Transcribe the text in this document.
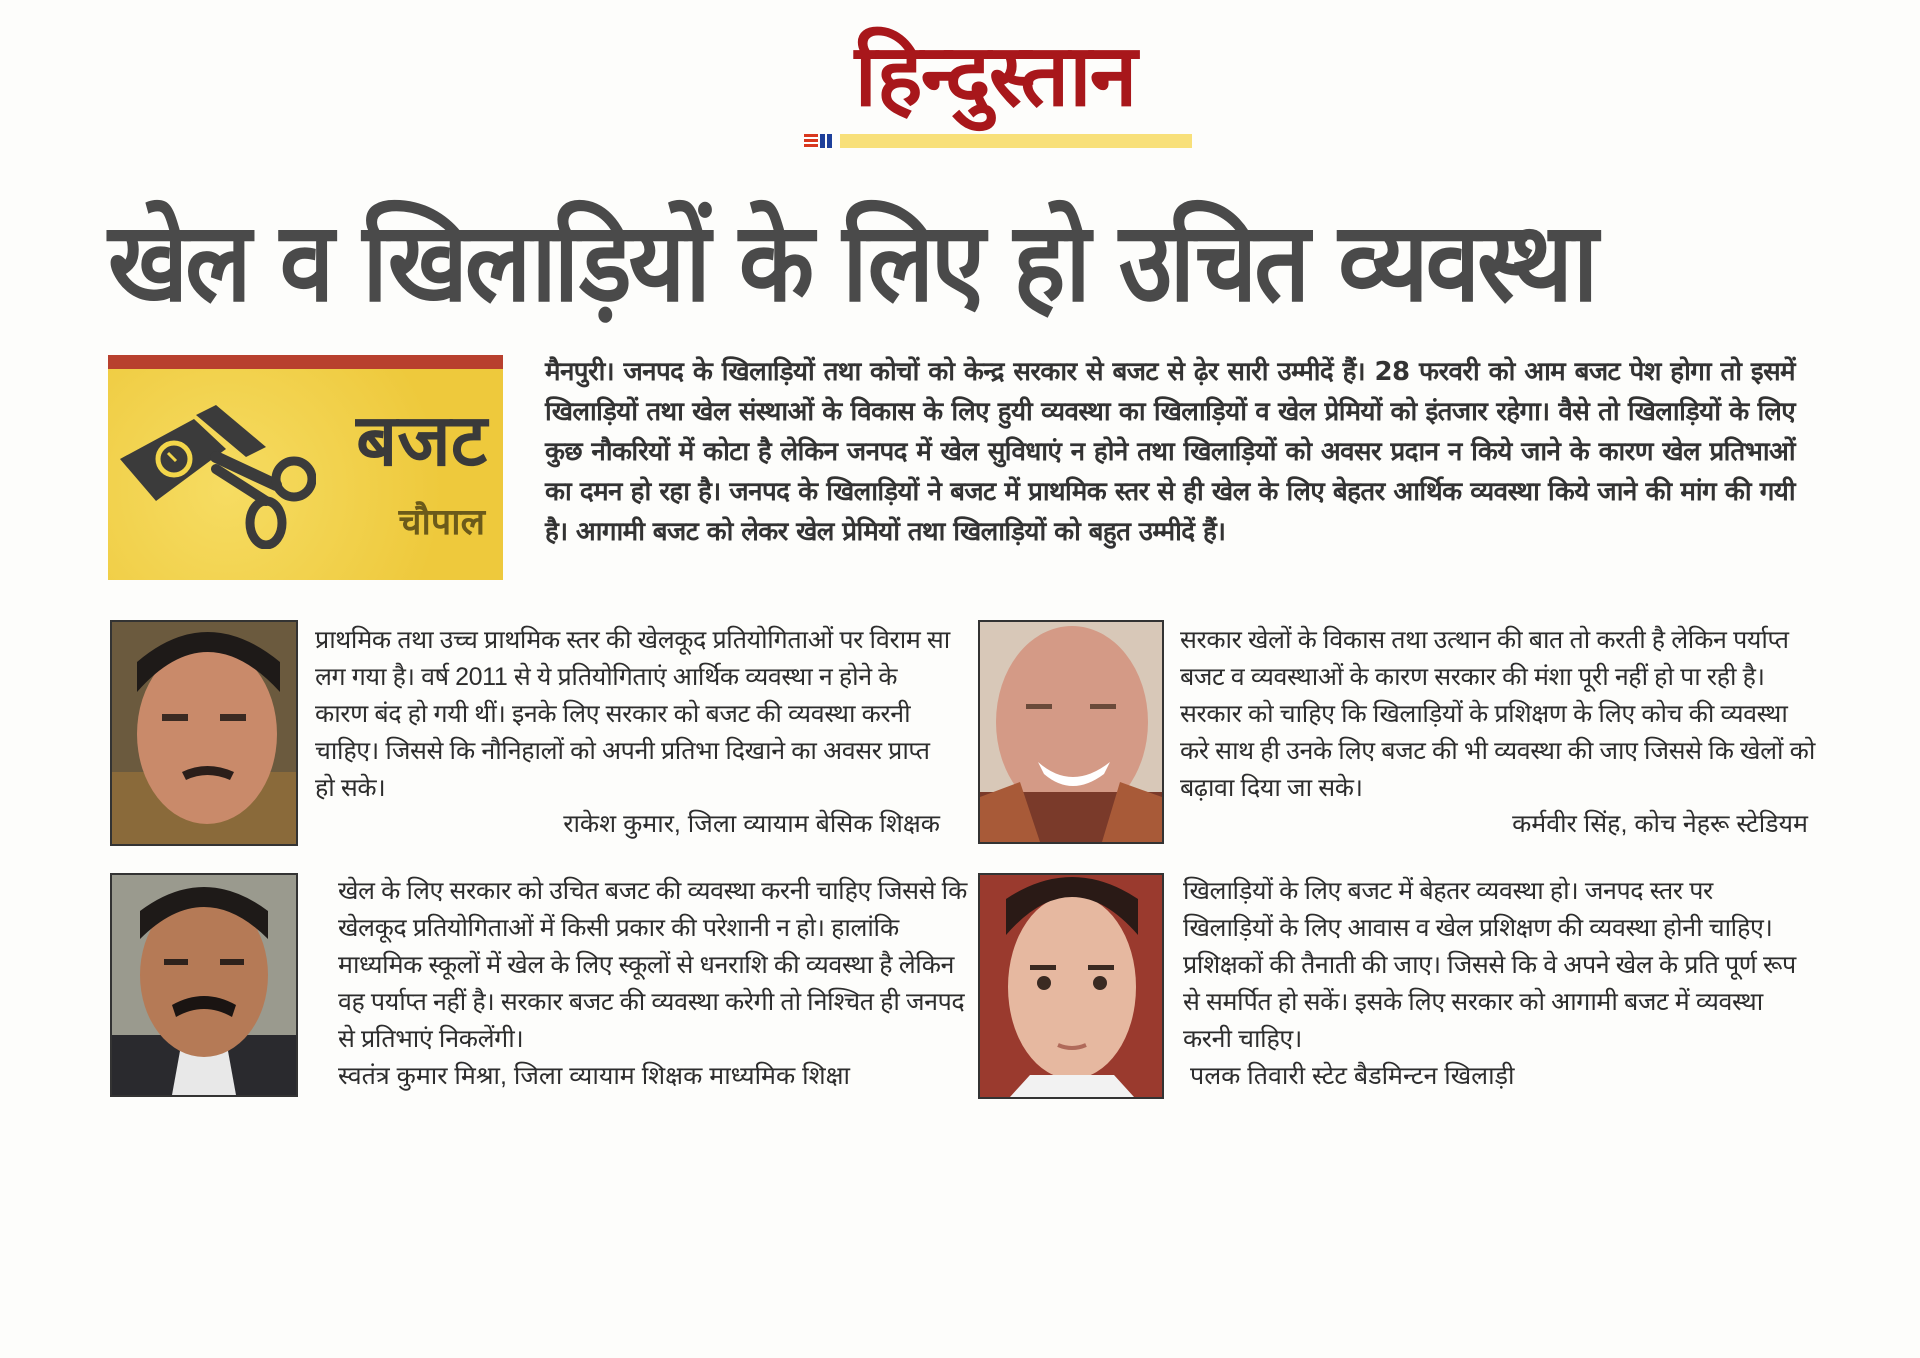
हिन्दुस्तान
खेल व खिलाड़ियों के लिए हो उचित व्यवस्था
बजट
चौपाल
मैनपुरी। जनपद के खिलाड़ियों तथा कोचों को केन्द्र सरकार से बजट से ढ़ेर सारी उम्मीदें हैं। 28 फरवरी को आम बजट पेश होगा तो इसमें खिलाड़ियों तथा खेल संस्थाओं के विकास के लिए हुयी व्यवस्था का खिलाड़ियों व खेल प्रेमियों को इंतजार रहेगा। वैसे तो खिलाड़ियों के लिए कुछ नौकरियों में कोटा है लेकिन जनपद में खेल सुविधाएं न होने तथा खिलाड़ियों को अवसर प्रदान न किये जाने के कारण खेल प्रतिभाओं का दमन हो रहा है। जनपद के खिलाड़ियों ने बजट में प्राथमिक स्तर से ही खेल के लिए बेहतर आर्थिक व्यवस्था किये जाने की मांग की गयी है। आगामी बजट को लेकर खेल प्रेमियों तथा खिलाड़ियों को बहुत उम्मीदें हैं।
प्राथमिक तथा उच्च प्राथमिक स्तर की खेलकूद प्रतियोगिताओं पर विराम सा लग गया है। वर्ष 2011 से ये प्रतियोगिताएं आर्थिक व्यवस्था न होने के कारण बंद हो गयी थीं। इनके लिए सरकार को बजट की व्यवस्था करनी चाहिए। जिससे कि नौनिहालों को अपनी प्रतिभा दिखाने का अवसर प्राप्त हो सके।
राकेश कुमार, जिला व्यायाम बेसिक शिक्षक
सरकार खेलों के विकास तथा उत्थान की बात तो करती है लेकिन पर्याप्त बजट व व्यवस्थाओं के कारण सरकार की मंशा पूरी नहीं हो पा रही है। सरकार को चाहिए कि खिलाड़ियों के प्रशिक्षण के लिए कोच की व्यवस्था करे साथ ही उनके लिए बजट की भी व्यवस्था की जाए जिससे कि खेलों को बढ़ावा दिया जा सके।
कर्मवीर सिंह, कोच नेहरू स्टेडियम
खेल के लिए सरकार को उचित बजट की व्यवस्था करनी चाहिए जिससे कि खेलकूद प्रतियोगिताओं में किसी प्रकार की परेशानी न हो। हालांकि माध्यमिक स्कूलों में खेल के लिए स्कूलों से धनराशि की व्यवस्था है लेकिन वह पर्याप्त नहीं है। सरकार बजट की व्यवस्था करेगी तो निश्चित ही जनपद से प्रतिभाएं निकलेंगी।
स्वतंत्र कुमार मिश्रा, जिला व्यायाम शिक्षक माध्यमिक शिक्षा
खिलाड़ियों के लिए बजट में बेहतर व्यवस्था हो। जनपद स्तर पर खिलाड़ियों के लिए आवास व खेल प्रशिक्षण की व्यवस्था होनी चाहिए। प्रशिक्षकों की तैनाती की जाए। जिससे कि वे अपने खेल के प्रति पूर्ण रूप से समर्पित हो सकें। इसके लिए सरकार को आगामी बजट में व्यवस्था करनी चाहिए।
पलक तिवारी स्टेट बैडमिन्टन खिलाड़ी
